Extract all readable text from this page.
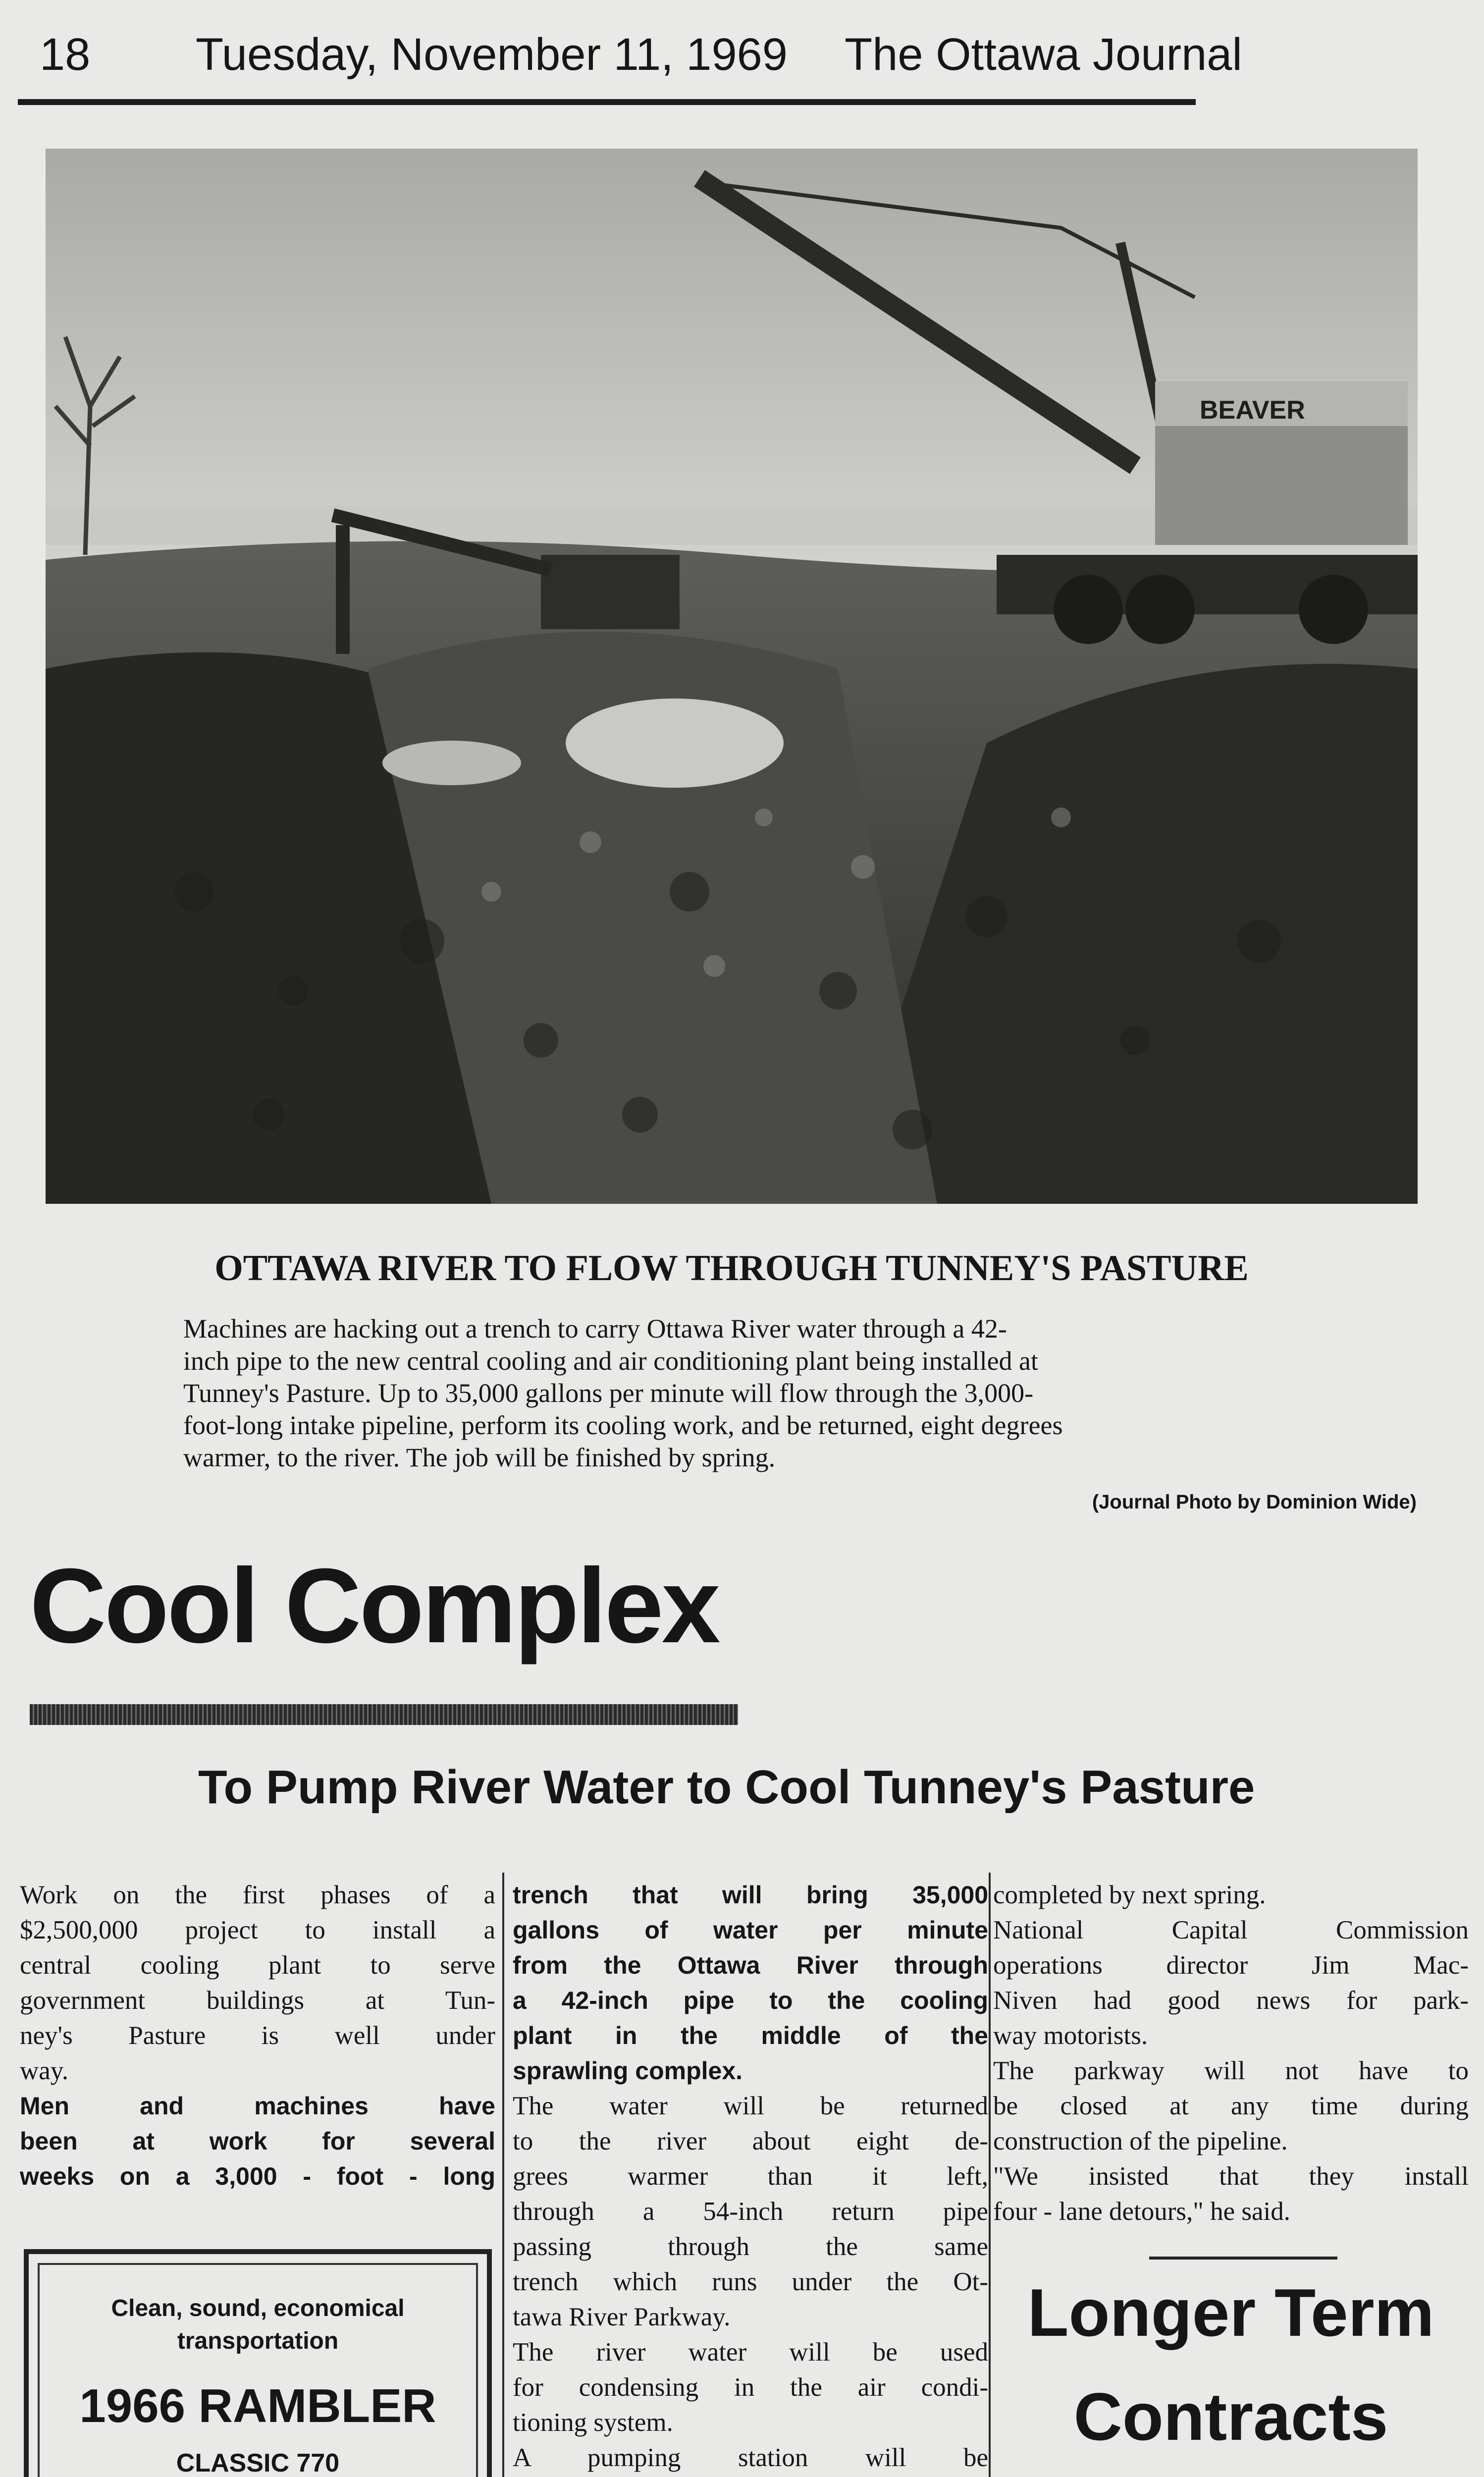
18 Tuesday, November 11, 1969 The Ottawa Journal
BEAVER
OTTAWA RIVER TO FLOW THROUGH TUNNEY'S PASTURE
Machines are hacking out a trench to carry Ottawa River water through a 42-
inch pipe to the new central cooling and air conditioning plant being installed at
Tunney's Pasture. Up to 35,000 gallons per minute will flow through the 3,000-
foot-long intake pipeline, perform its cooling work, and be returned, eight degrees
warmer, to the river. The job will be finished by spring.
(Journal Photo by Dominion Wide)
Cool Complex
To Pump River Water to Cool Tunney's Pasture
Work on the first phases of a
$2,500,000 project to install a
central cooling plant to serve
government buildings at Tun-
ney's Pasture is well under
way.
Men and machines have
been at work for several
weeks on a 3,000 - foot - long
Clean, sound, economical
transportation
1966 RAMBLER
CLASSIC 770
trench that will bring 35,000
gallons of water per minute
from the Ottawa River through
a 42-inch pipe to the cooling
plant in the middle of the
sprawling complex.
The water will be returned
to the river about eight de-
grees warmer than it left,
through a 54-inch return pipe
passing through the same
trench which runs under the Ot-
tawa River Parkway.
The river water will be used
for condensing in the air condi-
tioning system.
A pumping station will be
completed by next spring.
National Capital Commission
operations director Jim Mac-
Niven had good news for park-
way motorists.
The parkway will not have to
be closed at any time during
construction of the pipeline.
"We insisted that they install
four - lane detours," he said.
Longer Term
Contracts
